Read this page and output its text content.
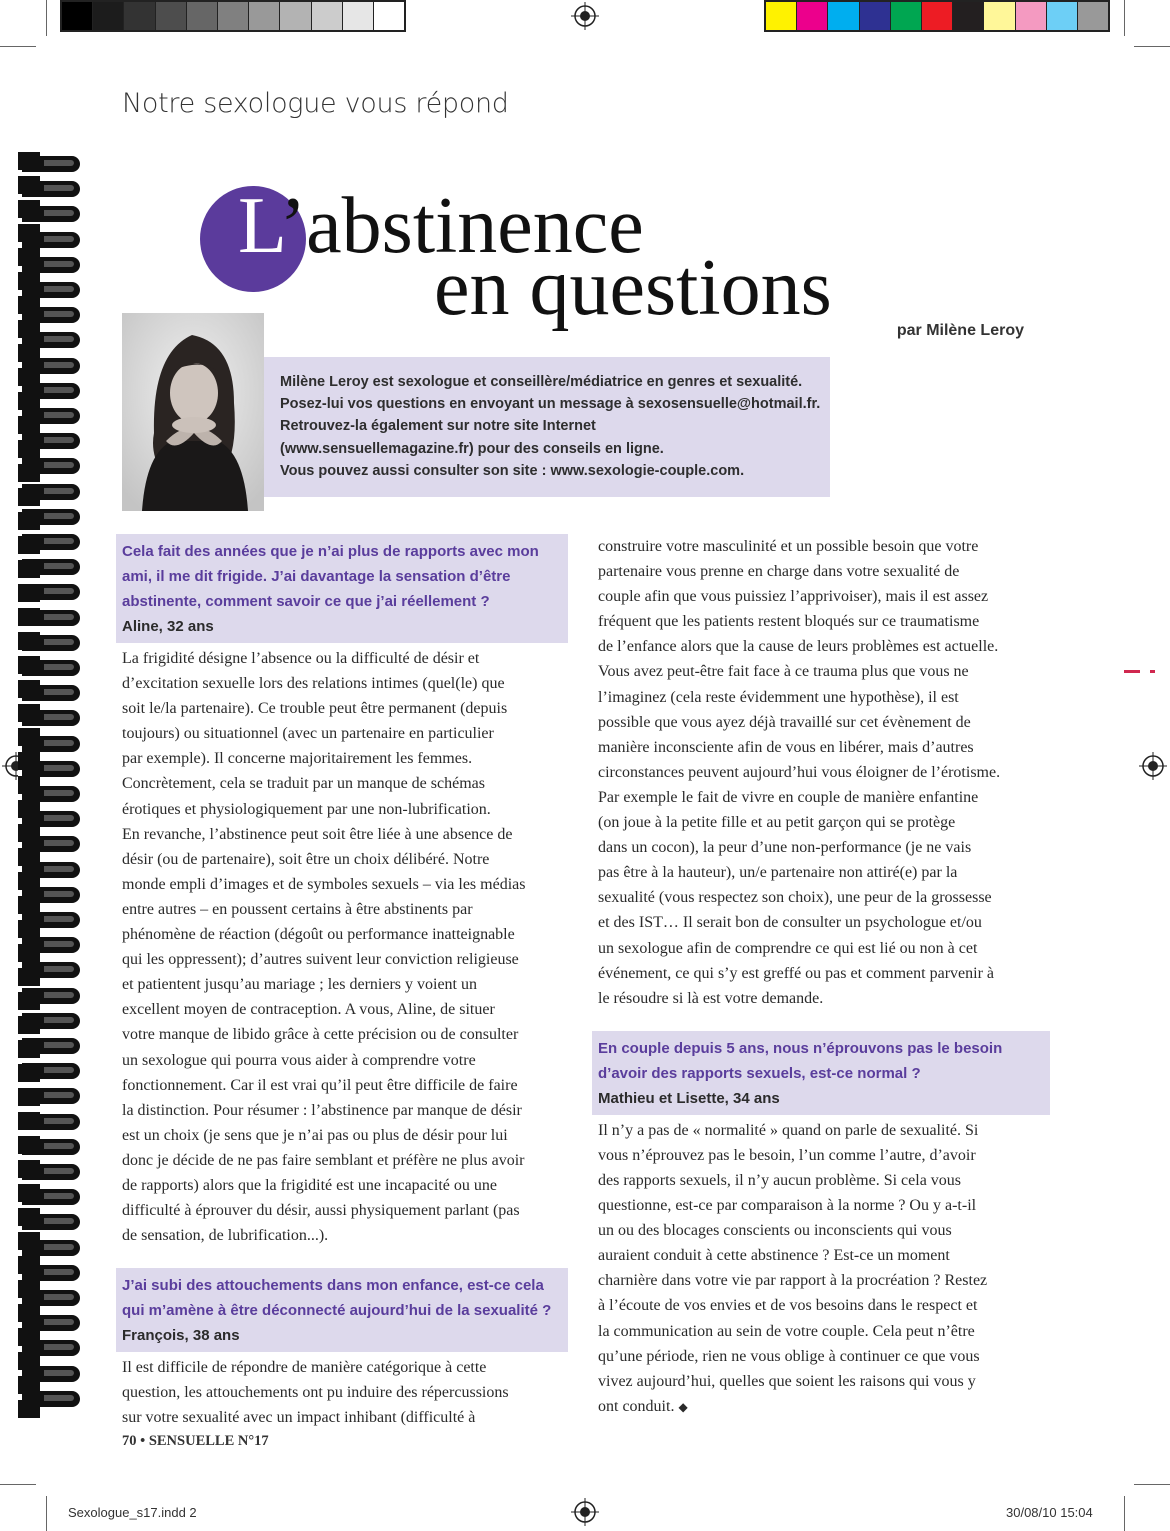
Notre sexologue vous répond
L’abstinence
en questions	par Milène Leroy
Milène Leroy est sexologue et conseillère/médiatrice en genres et sexualité.
Posez-lui vos questions en envoyant un message à sexosensuelle@hotmail.fr.
Retrouvez-la également sur notre site Internet
(www.sensuellemagazine.fr) pour des conseils en ligne.
Vous pouvez aussi consulter son site : www.sexologie-couple.com.
Cela fait des années que je n’ai plus de rapports avec mon
ami, il me dit frigide. J’ai davantage la sensation d’être
abstinente, comment savoir ce que j’ai réellement ?
Aline, 32 ans
La frigidité désigne l’absence ou la difficulté de désir et
d’excitation sexuelle lors des relations intimes (quel(le) que
soit le/la partenaire). Ce trouble peut être permanent (depuis
toujours) ou situationnel (avec un partenaire en particulier
par exemple). Il concerne majoritairement les femmes.
Concrètement, cela se traduit par un manque de schémas
érotiques et physiologiquement par une non-lubrification.
En revanche, l’abstinence peut soit être liée à une absence de
désir (ou de partenaire), soit être un choix délibéré. Notre
monde empli d’images et de symboles sexuels – via les médias
entre autres – en poussent certains à être abstinents par
phénomène de réaction (dégoût ou performance inatteignable
qui les oppressent); d’autres suivent leur conviction religieuse
et patientent jusqu’au mariage ; les derniers y voient un
excellent moyen de contraception. A vous, Aline, de situer
votre manque de libido grâce à cette précision ou de consulter
un sexologue qui pourra vous aider à comprendre votre
fonctionnement. Car il est vrai qu’il peut être difficile de faire
la distinction. Pour résumer : l’abstinence par manque de désir
est un choix (je sens que je n’ai pas ou plus de désir pour lui
donc je décide de ne pas faire semblant et préfère ne plus avoir
de rapports) alors que la frigidité est une incapacité ou une
difficulté à éprouver du désir, aussi physiquement parlant (pas
de sensation, de lubrification...).
J’ai subi des attouchements dans mon enfance, est-ce cela
qui m’amène à être déconnecté aujourd’hui de la sexualité ?
François, 38 ans
Il est difficile de répondre de manière catégorique à cette
question, les attouchements ont pu induire des répercussions
sur votre sexualité avec un impact inhibant (difficulté à
construire votre masculinité et un possible besoin que votre
partenaire vous prenne en charge dans votre sexualité de
couple afin que vous puissiez l’apprivoiser), mais il est assez
fréquent que les patients restent bloqués sur ce traumatisme
de l’enfance alors que la cause de leurs problèmes est actuelle.
Vous avez peut-être fait face à ce trauma plus que vous ne
l’imaginez (cela reste évidemment une hypothèse), il est
possible que vous ayez déjà travaillé sur cet évènement de
manière inconsciente afin de vous en libérer, mais d’autres
circonstances peuvent aujourd’hui vous éloigner de l’érotisme.
Par exemple le fait de vivre en couple de manière enfantine
(on joue à la petite fille et au petit garçon qui se protège
dans un cocon), la peur d’une non-performance (je ne vais
pas être à la hauteur), un/e partenaire non attiré(e) par la
sexualité (vous respectez son choix), une peur de la grossesse
et des IST… Il serait bon de consulter un psychologue et/ou
un sexologue afin de comprendre ce qui est lié ou non à cet
événement, ce qui s’y est greffé ou pas et comment parvenir à
le résoudre si là est votre demande.
En couple depuis 5 ans, nous n’éprouvons pas le besoin
d’avoir des rapports sexuels, est-ce normal ?
Mathieu et Lisette, 34 ans
Il n’y a pas de « normalité » quand on parle de sexualité. Si
vous n’éprouvez pas le besoin, l’un comme l’autre, d’avoir
des rapports sexuels, il n’y aucun problème. Si cela vous
questionne, est-ce par comparaison à la norme ? Ou y a-t-il
un ou des blocages conscients ou inconscients qui vous
auraient conduit à cette abstinence ? Est-ce un moment
charnière dans votre vie par rapport à la procréation ? Restez
à l’écoute de vos envies et de vos besoins dans le respect et
la communication au sein de votre couple. Cela peut n’être
qu’une période, rien ne vous oblige à continuer ce que vous
vivez aujourd’hui, quelles que soient les raisons qui vous y
ont conduit. ◆
70 • SENSUELLE N°17
Sexologue_s17.indd 2	30/08/10 15:04
